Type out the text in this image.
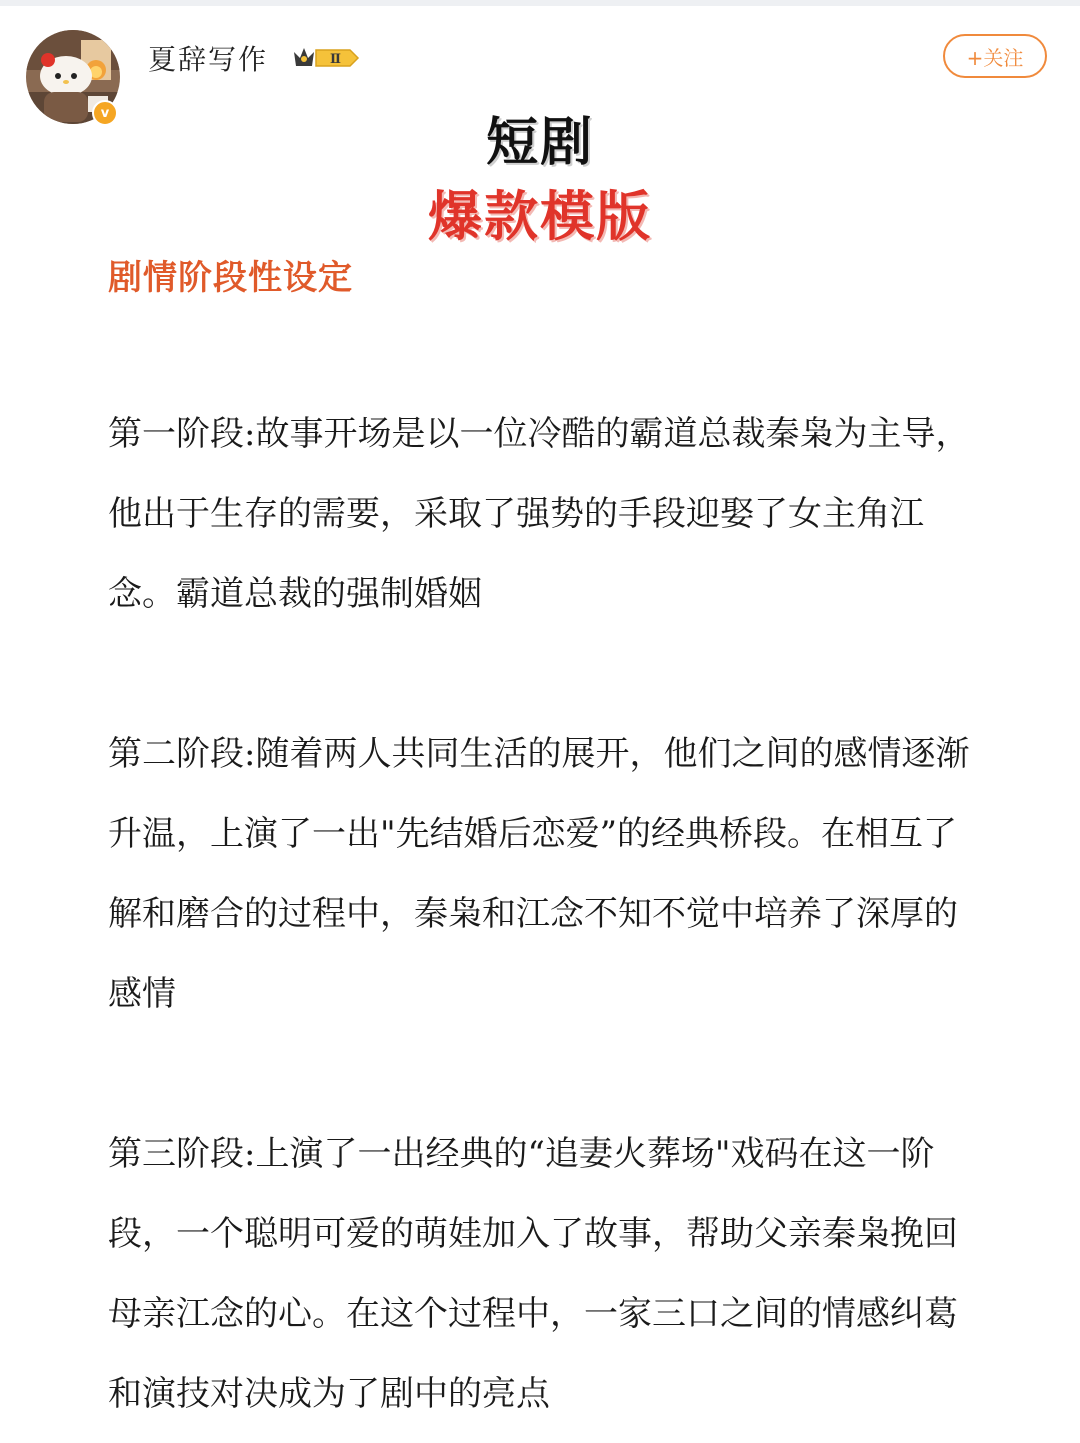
v
夏辞写作	Ⅱ	+关注
短剧
爆款模版
剧情阶段性设定

第一阶段:故事开场是以一位冷酷的霸道总裁秦枭为主导，他出于生存的需要，采取了强势的手段迎娶了女主角江念。霸道总裁的强制婚姻

第二阶段:随着两人共同生活的展开，他们之间的感情逐渐升温，上演了一出"先结婚后恋爱”的经典桥段。在相互了解和磨合的过程中，秦枭和江念不知不觉中培养了深厚的感情

第三阶段:上演了一出经典的“追妻火葬场"戏码在这一阶段，一个聪明可爱的萌娃加入了故事，帮助父亲秦枭挽回母亲江念的心。在这个过程中，一家三口之间的情感纠葛和演技对决成为了剧中的亮点
